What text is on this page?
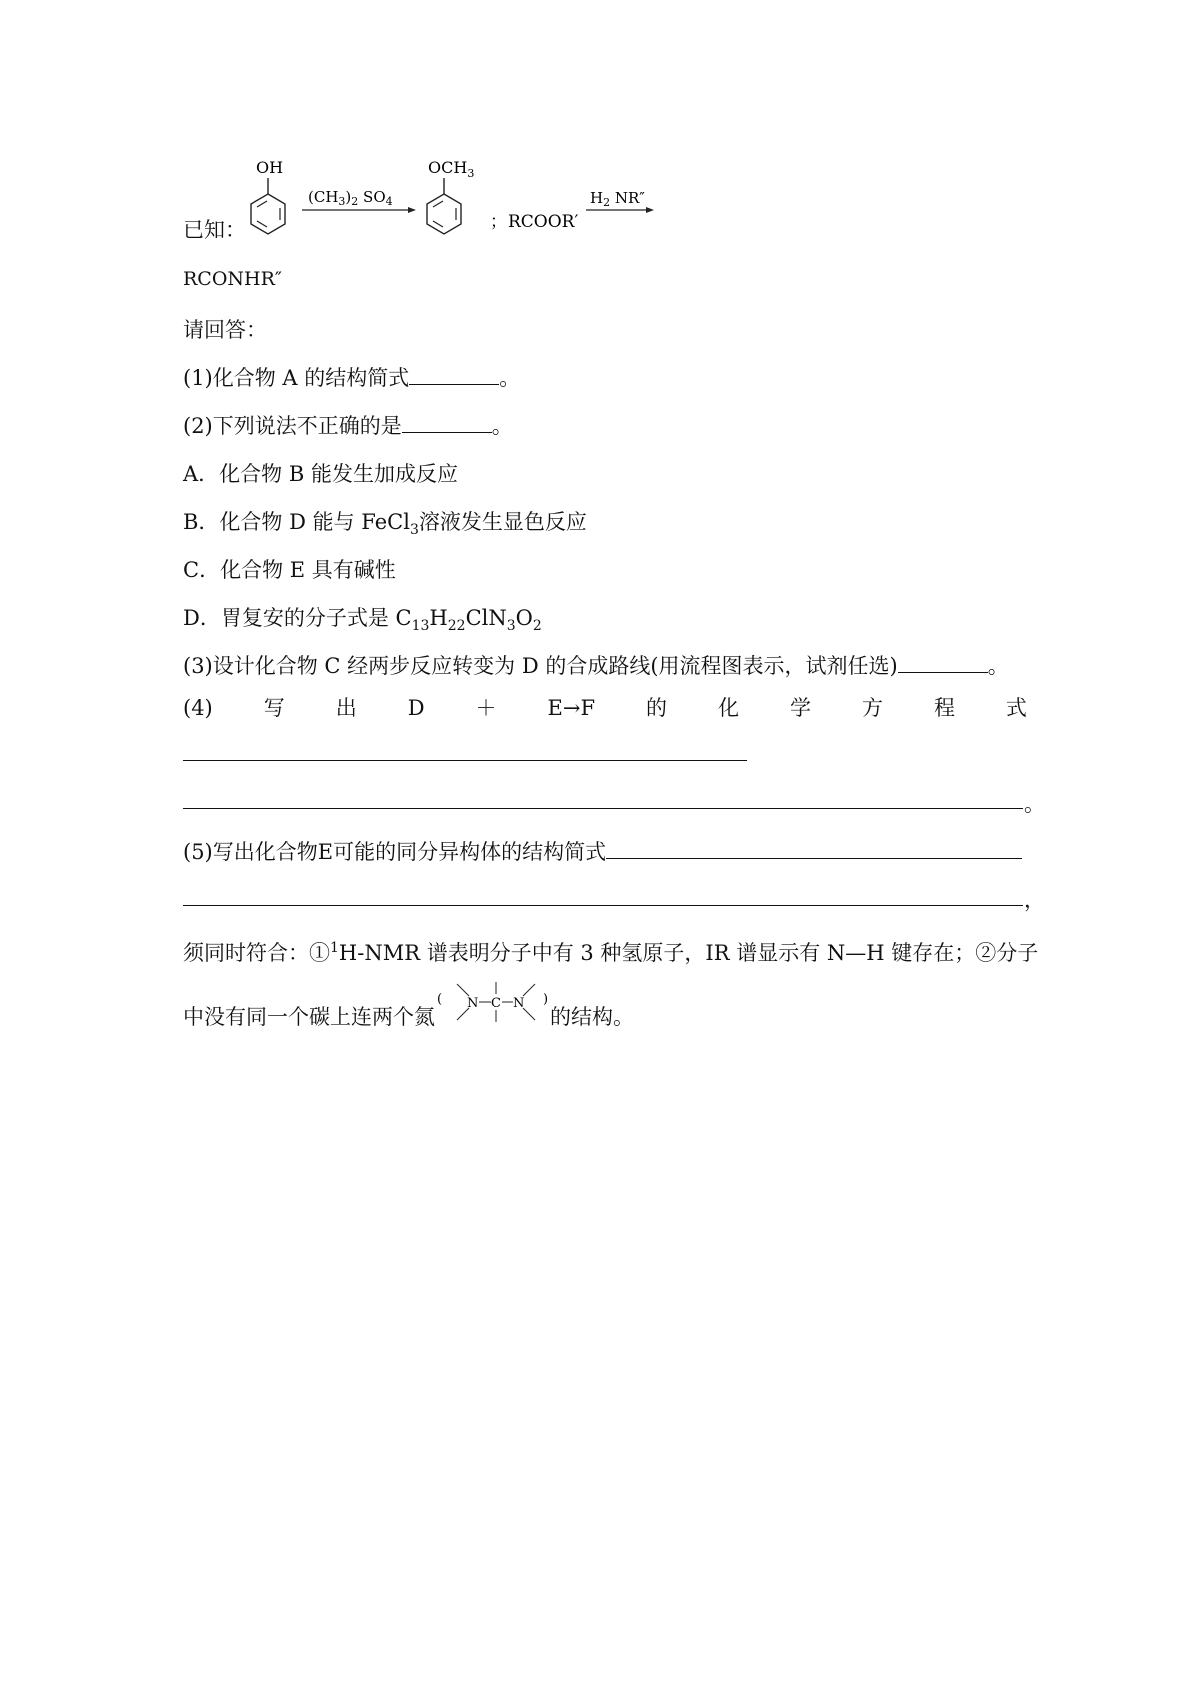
已知：
OH
$(CH_3)_2$ $SO_4$
$OCH_3$
； RCOOR′
$H_2$ NR″
RCONHR″
请回答：
(1)化合物 A 的结构简式	。
(2)下列说法不正确的是	。
A．化合物 B 能发生加成反应
B．化合物 D 能与 FeCl$_3$溶液发生显色反应
C．化合物 E 具有碱性
D．胃复安的分子式是 $C_{13}H_{22}ClN_3O_2$
(3)设计化合物 C 经两步反应转变为 D 的合成路线(用流程图表示，试剂任选)	。
(4) 写 出 D ＋ E→F 的 化 学 方 程 式
。
(5)写出化合物E可能的同分异构体的结构简式
，
须同时符合：①$^1$H-NMR 谱表明分子中有 3 种氢原子，IR 谱显示有 N—H 键存在；②分子
中没有同一个碳上连两个氮	的结构。
( N C N )
